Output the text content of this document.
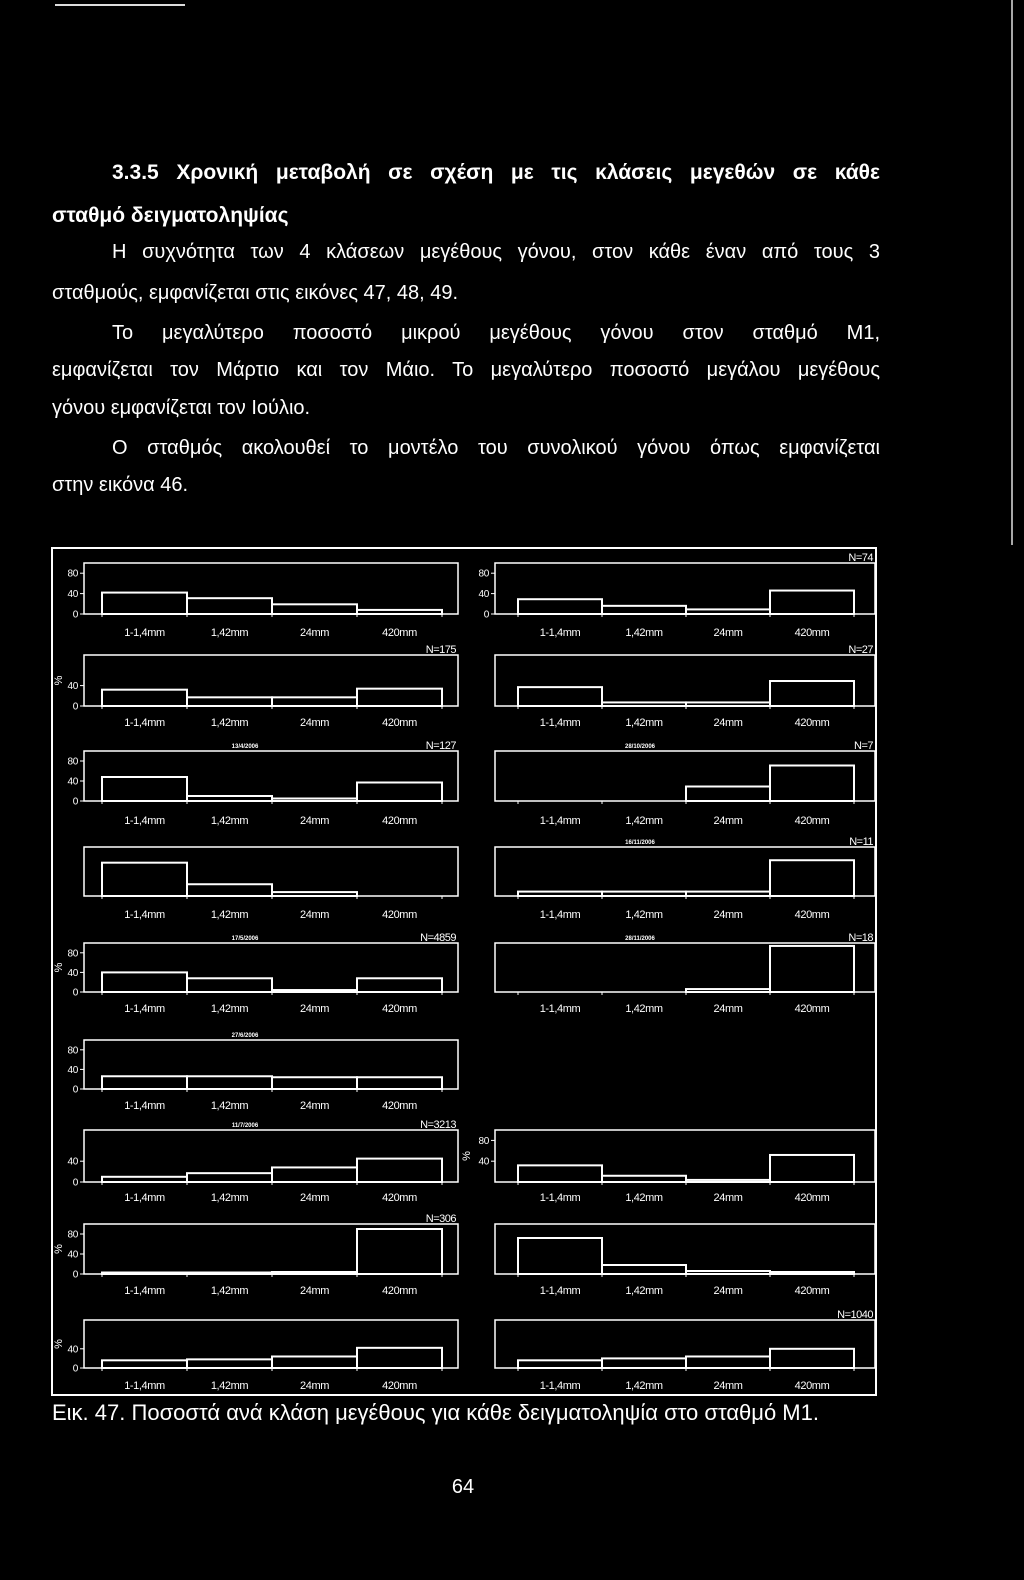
3.3.5 Χρονική μεταβολή σε σχέση με τις κλάσεις μεγεθών σε κάθε
σταθμό δειγματοληψίας
Η συχνότητα των 4 κλάσεων μεγέθους γόνου, στον κάθε έναν από τους 3
σταθμούς, εμφανίζεται στις εικόνες 47, 48, 49.
Το μεγαλύτερο ποσοστό μικρού μεγέθους γόνου στον σταθμό M1,
εμφανίζεται τον Μάρτιο και τον Μάιο. Το μεγαλύτερο ποσοστό μεγάλου μεγέθους
γόνου εμφανίζεται τον Ιούλιο.
Ο σταθμός ακολουθεί το μοντέλο του συνολικού γόνου όπως εμφανίζεται
στην εικόνα 46.
1-1,4mm	1,42mm	24mm	420mm
80
40
0
1-1,4mm	1,42mm	24mm	420mm
80
40
0
N=74
1-1,4mm	1,42mm	24mm	420mm
40
0
%
N=175
1-1,4mm	1,42mm	24mm	420mm
N=27
1-1,4mm	1,42mm	24mm	420mm
80
40
0
N=127
13/4/2006
1-1,4mm	1,42mm	24mm	420mm
N=7
28/10/2006
1-1,4mm	1,42mm	24mm	420mm	1-1,4mm	1,42mm	24mm	420mm
N=11
16/11/2006
1-1,4mm	1,42mm	24mm	420mm
80
40
0
%
N=4859
17/5/2006
1-1,4mm	1,42mm	24mm	420mm
N=18
28/11/2006
1-1,4mm	1,42mm	24mm	420mm
80
40
0
27/6/2006
1-1,4mm	1,42mm	24mm	420mm
40
0
N=3213
11/7/2006
1-1,4mm	1,42mm	24mm	420mm
80
40
%
1-1,4mm	1,42mm	24mm	420mm
80
40
0
%
N=306
1-1,4mm	1,42mm	24mm	420mm
1-1,4mm	1,42mm	24mm	420mm
40
0
%
1-1,4mm	1,42mm	24mm	420mm
N=1040
Εικ. 47. Ποσοστά ανά κλάση μεγέθους για κάθε δειγματοληψία στο σταθμό M1.
64
